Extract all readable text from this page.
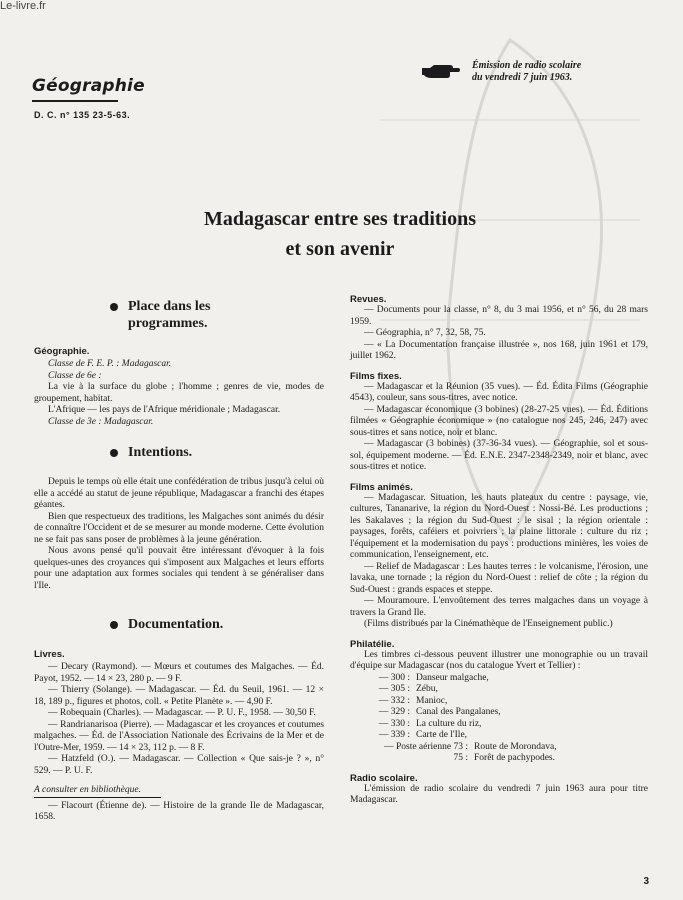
Le-livre.fr
Géographie
D. C. n° 135 23-5-63.
Émission de radio scolaire
du vendredi 7 juin 1963.
Madagascar entre ses traditions
et son avenir
Place dans les
programmes.
Géographie.

Classe de F. E. P. : Madagascar.

Classe de 6e :

La vie à la surface du globe ; l'homme ; genres de vie, modes de groupement, habitat.

L'Afrique — les pays de l'Afrique méridionale ; Madagascar.

Classe de 3e : Madagascar.

Intentions.

Depuis le temps où elle était une confédération de tribus jusqu'à celui où elle a accédé au statut de jeune république, Madagascar a franchi des étapes géantes.

Bien que respectueux des traditions, les Malgaches sont animés du désir de connaître l'Occident et de se mesurer au monde moderne. Cette évolution ne se fait pas sans poser de problèmes à la jeune génération.

Nous avons pensé qu'il pouvait être intéressant d'évoquer à la fois quelques-unes des croyances qui s'imposent aux Malgaches et leurs efforts pour une adaptation aux formes sociales qui tendent à se généraliser dans l'Ile.

Documentation.
Livres.

— Decary (Raymond). — Mœurs et coutumes des Malgaches. — Éd. Payot, 1952. — 14 × 23, 280 p. — 9 F.

— Thierry (Solange). — Madagascar. — Éd. du Seuil, 1961. — 12 × 18, 189 p., figures et photos, coll. « Petite Planète ». — 4,90 F.

— Robequain (Charles). — Madagascar. — P. U. F., 1958. — 30,50 F.

— Randrianarisoa (Pierre). — Madagascar et les croyances et coutumes malgaches. — Éd. de l'Association Nationale des Écrivains de la Mer et de l'Outre-Mer, 1959. — 14 × 23, 112 p. — 8 F.

— Hatzfeld (O.). — Madagascar. — Collection « Que sais-je ? », n° 529. — P. U. F.

A consulter en bibliothèque.

— Flacourt (Étienne de). — Histoire de la grande Ile de Madagascar, 1658.

Revues.

— Documents pour la classe, n° 8, du 3 mai 1956, et n° 56, du 28 mars 1959.

— Géographia, n° 7, 32, 58, 75.

— « La Documentation française illustrée », nos 168, juin 1961 et 179, juillet 1962.

Films fixes.

— Madagascar et la Réunion (35 vues). — Éd. Édita Films (Géographie 4543), couleur, sans sous-titres, avec notice.

— Madagascar économique (3 bobines) (28-27-25 vues). — Éd. Éditions filmées « Géographie économique » (no catalogue nos 245, 246, 247) avec sous-titres et sans notice, noir et blanc.

— Madagascar (3 bobines) (37-36-34 vues). — Géographie, sol et sous-sol, équipement moderne. — Éd. E.N.E. 2347-2348-2349, noir et blanc, avec sous-titres et notice.

Films animés.

— Madagascar. Situation, les hauts plateaux du centre : paysage, vie, cultures, Tananarive, la région du Nord-Ouest : Nossi-Bé. Les productions ; les Sakalaves ; la région du Sud-Ouest : le sisal ; la région orientale : paysages, forêts, caféiers et poivriers ; la plaine littorale : culture du riz ; l'équipement et la modernisation du pays : productions minières, les voies de communication, l'enseignement, etc.

— Relief de Madagascar : Les hautes terres : le volcanisme, l'érosion, une lavaka, une tornade ; la région du Nord-Ouest : relief de côte ; la région du Sud-Ouest : grands espaces et steppe.

— Mouramoure. L'envoûtement des terres malgaches dans un voyage à travers la Grand Ile.

(Films distribués par la Cinémathèque de l'Enseignement public.)

Philatélie.

Les timbres ci-dessous peuvent illustrer une monographie ou un travail d'équipe sur Madagascar (nos du catalogue Yvert et Tellier) :

— 300 : Danseur malgache,
— 305 : Zébu,
— 332 : Manioc,
— 329 : Canal des Pangalanes,
— 330 : La culture du riz,
— 339 : Carte de l'Ile,
— Poste aérienne 73 : Route de Morondava,
75 : Forêt de pachypodes.
Radio scolaire.

L'émission de radio scolaire du vendredi 7 juin 1963 aura pour titre Madagascar.

3
